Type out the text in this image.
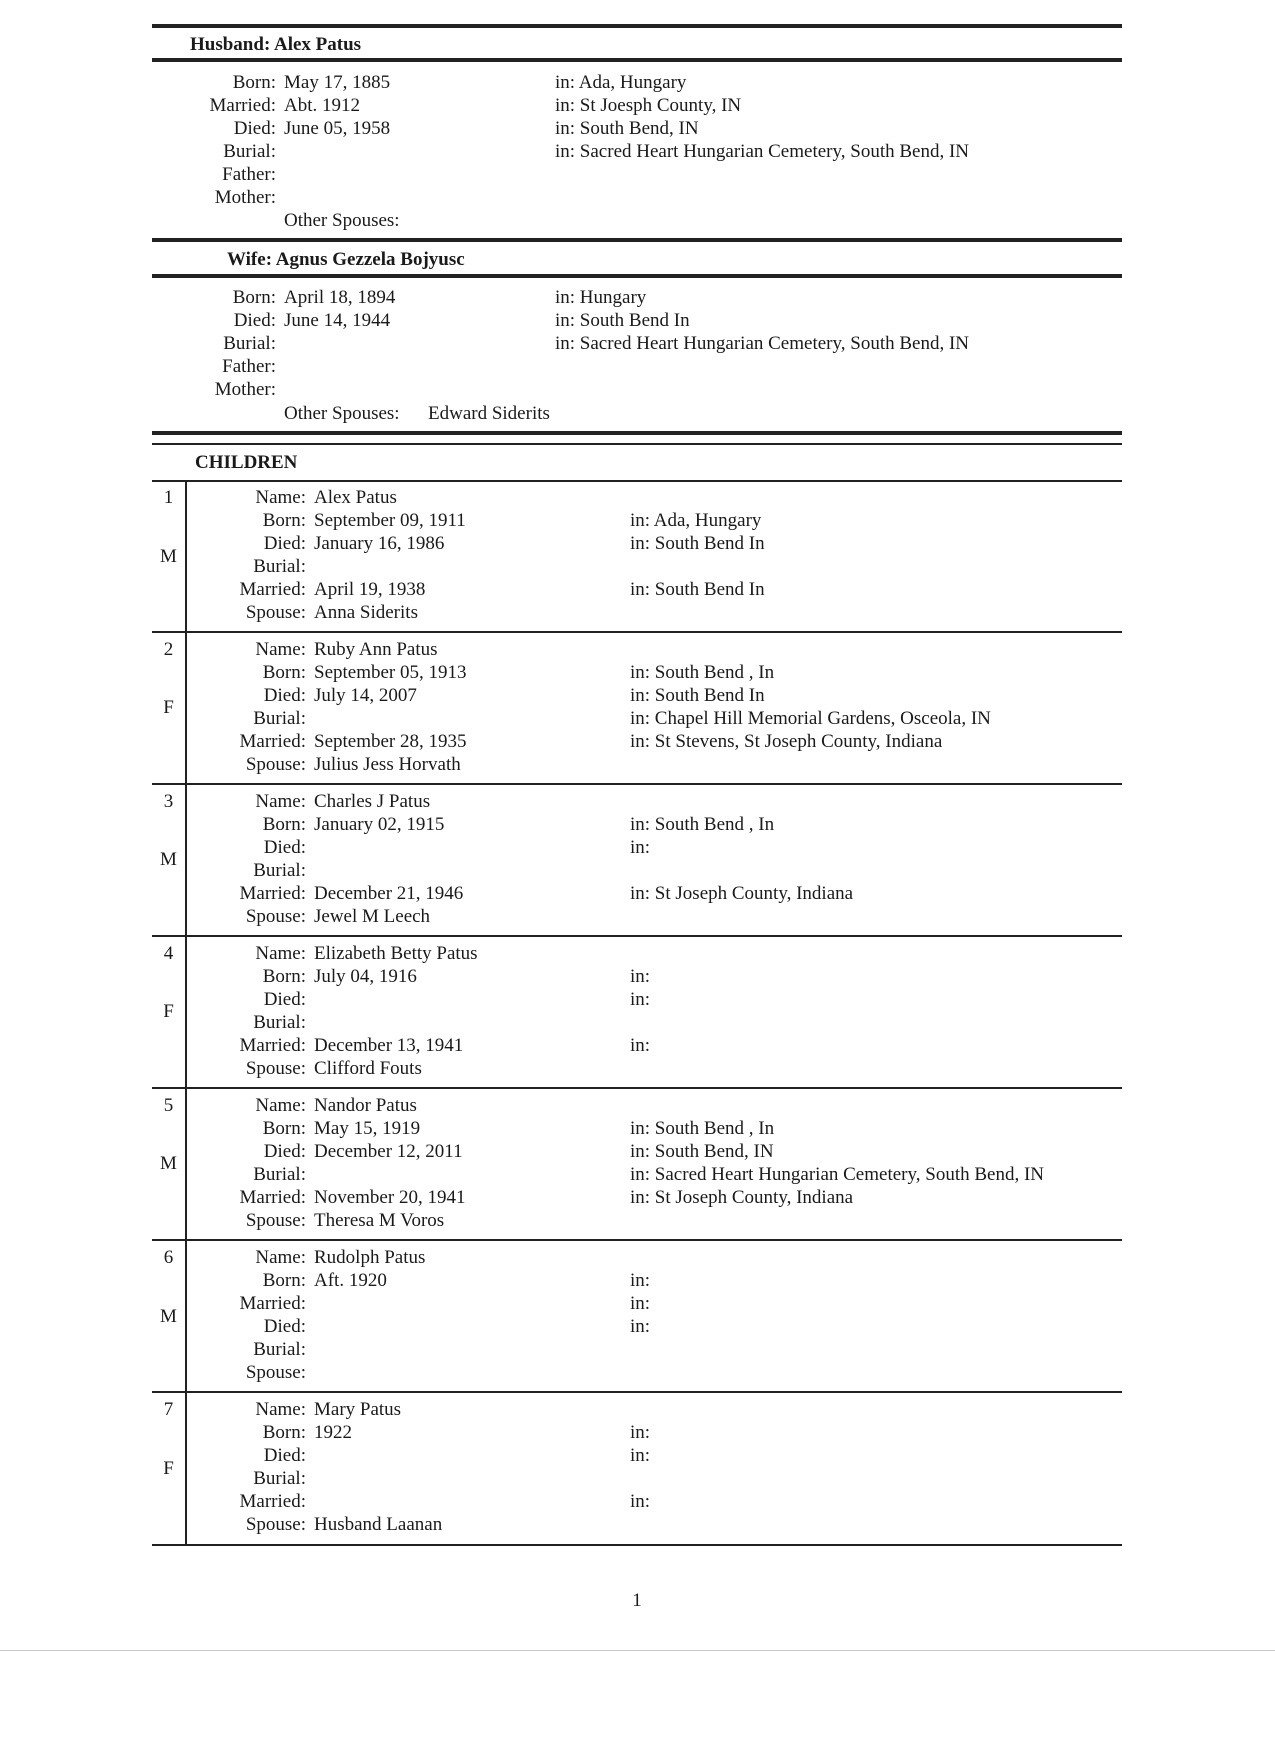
Husband: Alex Patus
Born: May 17, 1885	in: Ada, Hungary
Married: Abt. 1912	in: St Joesph County, IN
Died: June 05, 1958	in: South Bend, IN
Burial:	in: Sacred Heart Hungarian Cemetery, South Bend, IN
Father:
Mother:
Other Spouses:
Wife: Agnus Gezzela Bojyusc
Born: April 18, 1894	in: Hungary
Died: June 14, 1944	in: South Bend In
Burial:	in: Sacred Heart Hungarian Cemetery, South Bend, IN
Father:
Mother:
Other Spouses: Edward Siderits
CHILDREN
1
M
Name: Alex Patus
Born: September 09, 1911	in: Ada, Hungary
Died: January 16, 1986	in: South Bend In
Burial:
Married: April 19, 1938	in: South Bend In
Spouse: Anna Siderits
2
F
Name: Ruby Ann Patus
Born: September 05, 1913	in: South Bend , In
Died: July 14, 2007	in: South Bend In
Burial:	in: Chapel Hill Memorial Gardens, Osceola, IN
Married: September 28, 1935	in: St Stevens, St Joseph County, Indiana
Spouse: Julius Jess Horvath
3
M
Name: Charles J Patus
Born: January 02, 1915	in: South Bend , In
Died:	in:
Burial:
Married: December 21, 1946	in: St Joseph County, Indiana
Spouse: Jewel M Leech
4
F
Name: Elizabeth Betty Patus
Born: July 04, 1916	in:
Died:	in:
Burial:
Married: December 13, 1941	in:
Spouse: Clifford Fouts
5
M
Name: Nandor Patus
Born: May 15, 1919	in: South Bend , In
Died: December 12, 2011	in: South Bend, IN
Burial:	in: Sacred Heart Hungarian Cemetery, South Bend, IN
Married: November 20, 1941	in: St Joseph County, Indiana
Spouse: Theresa M Voros
6
M
Name: Rudolph Patus
Born: Aft. 1920	in:
Married:	in:
Died:	in:
Burial:
Spouse:
7
F
Name: Mary Patus
Born: 1922	in:
Died:	in:
Burial:
Married:	in:
Spouse: Husband Laanan
1
